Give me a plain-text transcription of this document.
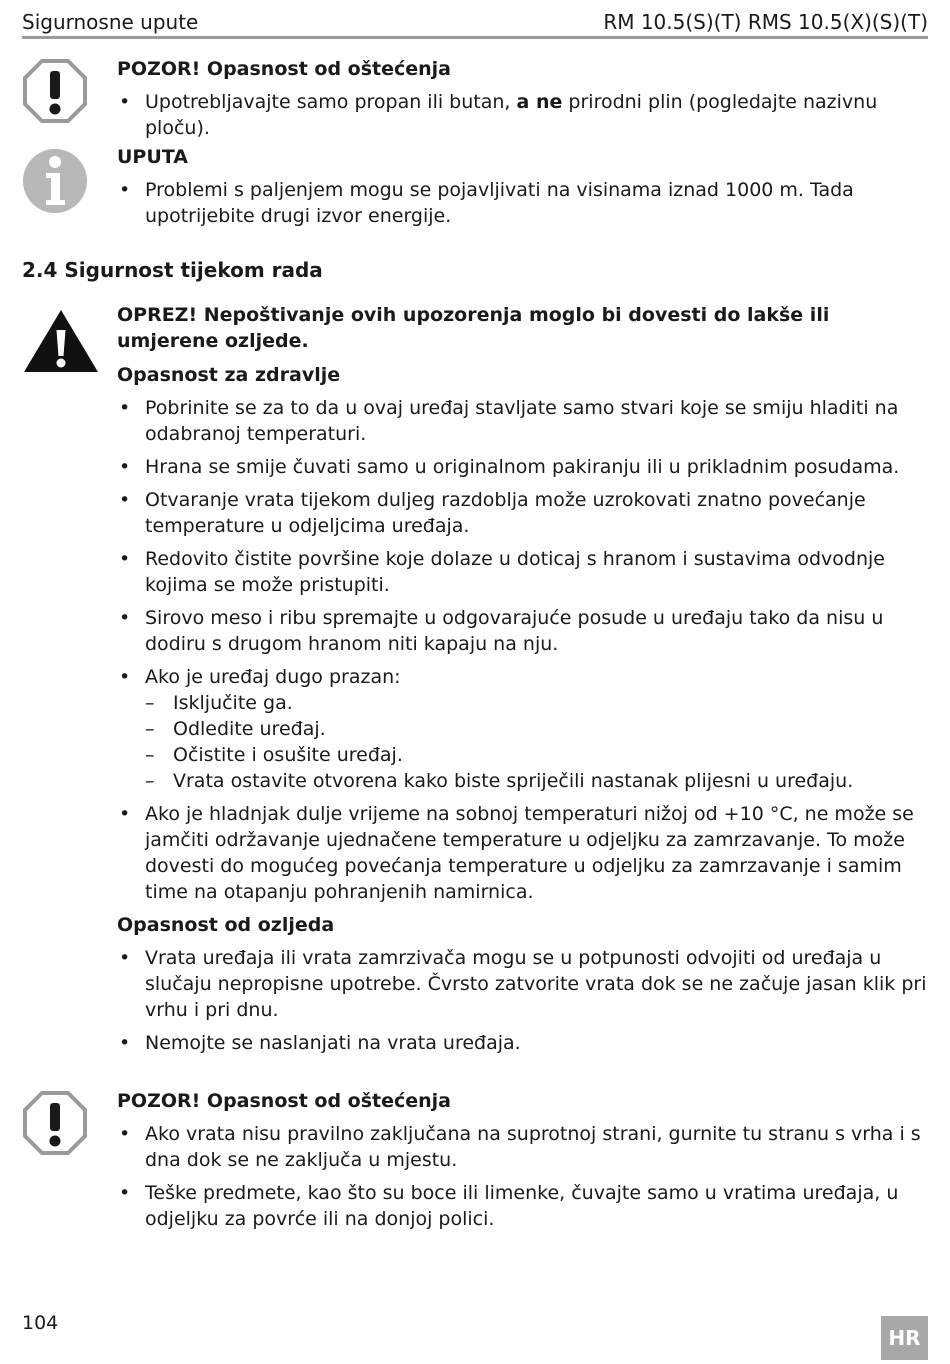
Sigurnosne upute	RM 10.5(S)(T) RMS 10.5(X)(S)(T)

POZOR! Opasnost od oštećenja

• Upotrebljavajte samo propan ili butan, a ne prirodni plin (pogledajte nazivnu ploču).

UPUTA

• Problemi s paljenjem mogu se pojavljivati na visinama iznad 1000 m. Tada upotrijebite drugi izvor energije.
2.4 Sigurnost tijekom rada

OPREZ! Nepoštivanje ovih upozorenja moglo bi dovesti do lakše ili umjerene ozljede.

Opasnost za zdravlje

• Pobrinite se za to da u ovaj uređaj stavljate samo stvari koje se smiju hladiti na odabranoj temperaturi.
• Hrana se smije čuvati samo u originalnom pakiranju ili u prikladnim posudama.
• Otvaranje vrata tijekom duljeg razdoblja može uzrokovati znatno povećanje temperature u odjeljcima uređaja.
• Redovito čistite površine koje dolaze u doticaj s hranom i sustavima odvodnje kojima se može pristupiti.
• Sirovo meso i ribu spremajte u odgovarajuće posude u uređaju tako da nisu u dodiru s drugom hranom niti kapaju na nju.
• Ako je uređaj dugo prazan:
– Isključite ga.
– Odledite uređaj.
– Očistite i osušite uređaj.
– Vrata ostavite otvorena kako biste spriječili nastanak plijesni u uređaju.
• Ako je hladnjak dulje vrijeme na sobnoj temperaturi nižoj od +10 °C, ne može se jamčiti održavanje ujednačene temperature u odjeljku za zamrzavanje. To može dovesti do mogućeg povećanja temperature u odjeljku za zamrzavanje i samim time na otapanju pohranjenih namirnica.

Opasnost od ozljeda

• Vrata uređaja ili vrata zamrzivača mogu se u potpunosti odvojiti od uređaja u slučaju nepropisne upotrebe. Čvrsto zatvorite vrata dok se ne začuje jasan klik pri vrhu i pri dnu.
• Nemojte se naslanjati na vrata uređaja.

POZOR! Opasnost od oštećenja

• Ako vrata nisu pravilno zaključana na suprotnoj strani, gurnite tu stranu s vrha i s dna dok se ne zaključa u mjestu.
• Teške predmete, kao što su boce ili limenke, čuvajte samo u vratima uređaja, u odjeljku za povrće ili na donjoj polici.
104
HR
